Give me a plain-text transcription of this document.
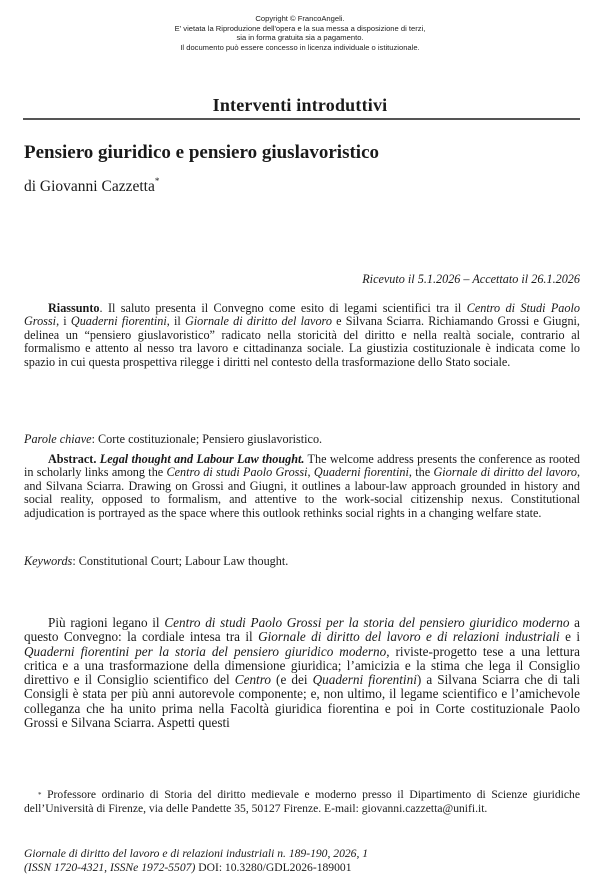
Copyright © FrancoAngeli.
E' vietata la Riproduzione dell'opera e la sua messa a disposizione di terzi,
sia in forma gratuita sia a pagamento.
Il documento può essere concesso in licenza individuale o istituzionale.
Interventi introduttivi
Pensiero giuridico e pensiero giuslavoristico
di Giovanni Cazzetta*
Ricevuto il 5.1.2026 – Accettato il 26.1.2026
Riassunto. Il saluto presenta il Convegno come esito di legami scientifici tra il Centro di Studi Paolo Grossi, i Quaderni fiorentini, il Giornale di diritto del lavoro e Silvana Sciarra. Richiamando Grossi e Giugni, delinea un “pensiero giuslavoristico” radicato nella storicità del diritto e nella realtà sociale, contrario al formalismo e attento al nesso tra lavoro e cittadinanza sociale. La giustizia costituzionale è indicata come lo spazio in cui questa prospettiva rilegge i diritti nel contesto della trasformazione dello Stato sociale.
Parole chiave: Corte costituzionale; Pensiero giuslavoristico.
Abstract. Legal thought and Labour Law thought. The welcome address presents the conference as rooted in scholarly links among the Centro di studi Paolo Grossi, Quaderni fiorentini, the Giornale di diritto del lavoro, and Silvana Sciarra. Drawing on Grossi and Giugni, it outlines a labour-law approach grounded in history and social reality, opposed to formalism, and attentive to the work-social citizenship nexus. Constitutional adjudication is portrayed as the space where this outlook rethinks social rights in a changing welfare state.
Keywords: Constitutional Court; Labour Law thought.
Più ragioni legano il Centro di studi Paolo Grossi per la storia del pensiero giuridico moderno a questo Convegno: la cordiale intesa tra il Giornale di diritto del lavoro e di relazioni industriali e i Quaderni fiorentini per la storia del pensiero giuridico moderno, riviste-progetto tese a una lettura critica e a una trasformazione della dimensione giuridica; l’amicizia e la stima che lega il Consiglio direttivo e il Consiglio scientifico del Centro (e dei Quaderni fiorentini) a Silvana Sciarra che di tali Consigli è stata per più anni autorevole componente; e, non ultimo, il legame scientifico e l’amichevole colleganza che ha unito prima nella Facoltà giuridica fiorentina e poi in Corte costituzionale Paolo Grossi e Silvana Sciarra. Aspetti questi
* Professore ordinario di Storia del diritto medievale e moderno presso il Dipartimento di Scienze giuridiche dell’Università di Firenze, via delle Pandette 35, 50127 Firenze. E-mail: giovanni.cazzetta@unifi.it.
Giornale di diritto del lavoro e di relazioni industriali n. 189-190, 2026, 1
(ISSN 1720-4321, ISSNe 1972-5507) DOI: 10.3280/GDL2026-189001
